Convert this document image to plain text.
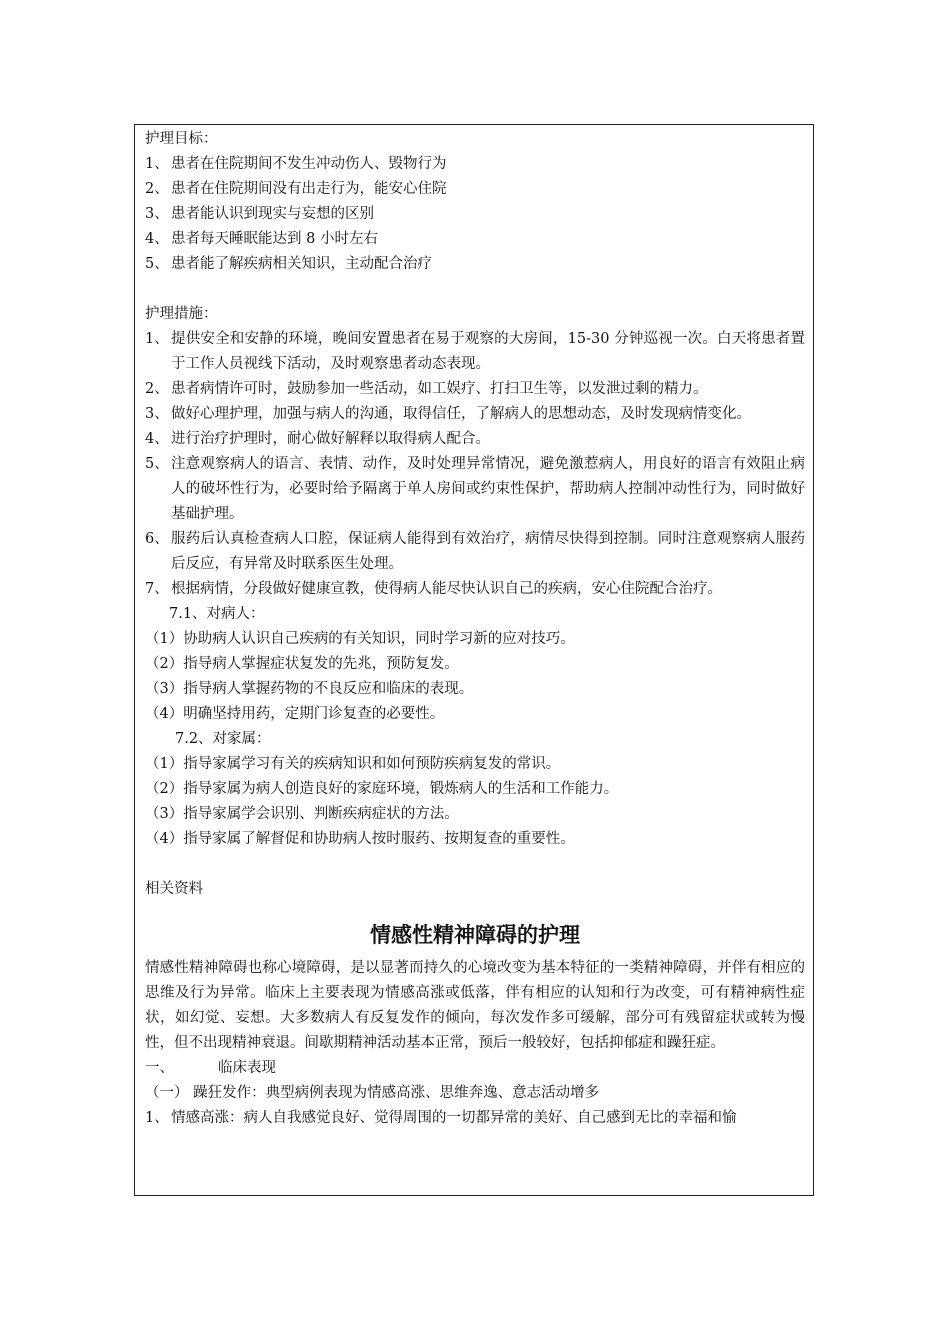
护理目标：
1、 患者在住院期间不发生冲动伤人、毁物行为
2、 患者在住院期间没有出走行为，能安心住院
3、 患者能认识到现实与妄想的区别
4、 患者每天睡眠能达到 8 小时左右
5、 患者能了解疾病相关知识，主动配合治疗
护理措施：
1、 提供安全和安静的环境，晚间安置患者在易于观察的大房间，15-30 分钟巡视一次。白天将患者置于工作人员视线下活动，及时观察患者动态表现。
2、 患者病情许可时，鼓励参加一些活动，如工娱疗、打扫卫生等，以发泄过剩的精力。
3、 做好心理护理，加强与病人的沟通，取得信任，了解病人的思想动态，及时发现病情变化。
4、 进行治疗护理时，耐心做好解释以取得病人配合。
5、 注意观察病人的语言、表情、动作，及时处理异常情况，避免激惹病人，用良好的语言有效阻止病人的破坏性行为，必要时给予隔离于单人房间或约束性保护，帮助病人控制冲动性行为，同时做好基础护理。
6、 服药后认真检查病人口腔，保证病人能得到有效治疗，病情尽快得到控制。同时注意观察病人服药后反应，有异常及时联系医生处理。
7、 根据病情，分段做好健康宣教，使得病人能尽快认识自己的疾病，安心住院配合治疗。
7.1、对病人：
（1）协助病人认识自己疾病的有关知识，同时学习新的应对技巧。
（2）指导病人掌握症状复发的先兆，预防复发。
（3）指导病人掌握药物的不良反应和临床的表现。
（4）明确坚持用药，定期门诊复查的必要性。
7.2、对家属：
（1）指导家属学习有关的疾病知识和如何预防疾病复发的常识。
（2）指导家属为病人创造良好的家庭环境，锻炼病人的生活和工作能力。
（3）指导家属学会识别、判断疾病症状的方法。
（4）指导家属了解督促和协助病人按时服药、按期复查的重要性。
相关资料
情感性精神障碍的护理
情感性精神障碍也称心境障碍，是以显著而持久的心境改变为基本特征的一类精神障碍，并伴有相应的思维及行为异常。临床上主要表现为情感高涨或低落，伴有相应的认知和行为改变，可有精神病性症状，如幻觉、妄想。大多数病人有反复发作的倾向，每次发作多可缓解，部分可有残留症状或转为慢性，但不出现精神衰退。间歇期精神活动基本正常，预后一般较好，包括抑郁症和躁狂症。
一、	临床表现
（一） 躁狂发作：典型病例表现为情感高涨、思维奔逸、意志活动增多
1、 情感高涨：病人自我感觉良好、觉得周围的一切都异常的美好、自己感到无比的幸福和愉
